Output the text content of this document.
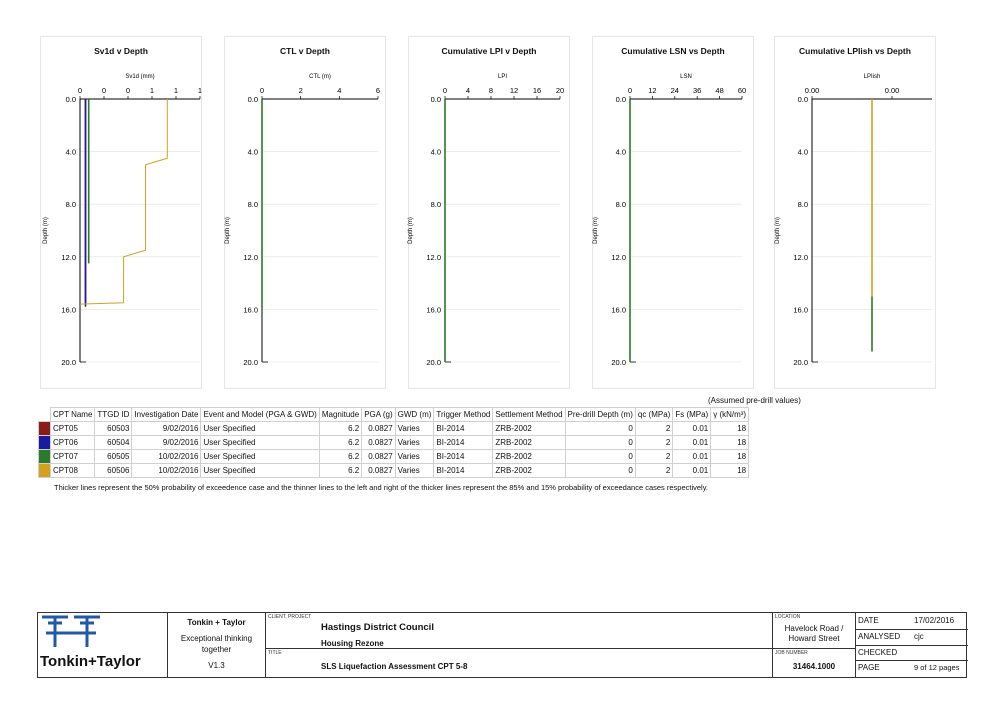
Sv1d v Depth	CTL v Depth	Cumulative LPI v Depth	Cumulative LSN vs Depth	Cumulative LPIish vs Depth
0.0
4.0
8.0
12.0
16.0
20.0
0	0	0	1	1	1
Sv1d (mm)
Depth (m)
0.0
4.0
8.0
12.0
16.0
20.0
0	2	4	6
CTL (m)
Depth (m)
0.0
4.0
8.0
12.0
16.0
20.0
0	4	8 12 16 20
LPI
Depth (m)
0.0
4.0
8.0
12.0
16.0
20.0
0 12 24 36 48 60
LSN
Depth (m)
0.0
4.0
8.0
12.0
16.0
20.0
0.00	0.00
LPIish
Depth (m)
(Assumed pre-drill values)
	CPT Name	TTGD ID	Investigation Date	Event and Model (PGA & GWD)	Magnitude	PGA (g)	GWD (m)	Trigger Method	Settlement Method	Pre-drill Depth (m)	qc (MPa)	Fs (MPa)	γ (kN/m³)
	CPT05	60503	9/02/2016	User Specified	6.2	0.0827	Varies	BI-2014	ZRB-2002	0	2	0.01	18
	CPT06	60504	9/02/2016	User Specified	6.2	0.0827	Varies	BI-2014	ZRB-2002	0	2	0.01	18
	CPT07	60505	10/02/2016	User Specified	6.2	0.0827	Varies	BI-2014	ZRB-2002	0	2	0.01	18
	CPT08	60506	10/02/2016	User Specified	6.2	0.0827	Varies	BI-2014	ZRB-2002	0	2	0.01	18
Thicker lines represent the 50% probability of exceedence case and the thinner lines to the left and right of the thicker lines represent the 85% and 15% probability of exceedance cases respectively.
Tonkin+Taylor
Tonkin + Taylor
Exceptional thinking
together
V1.3
CLIENT, PROJECT
Hastings District Council
Housing Rezone
TITLE
SLS Liquefaction Assessment CPT 5-8
LOCATION
Havelock Road /
Howard Street
JOB NUMBER
31464.1000
DATE	17/02/2016
ANALYSED cjc
CHECKED
PAGE	9 of 12 pages
